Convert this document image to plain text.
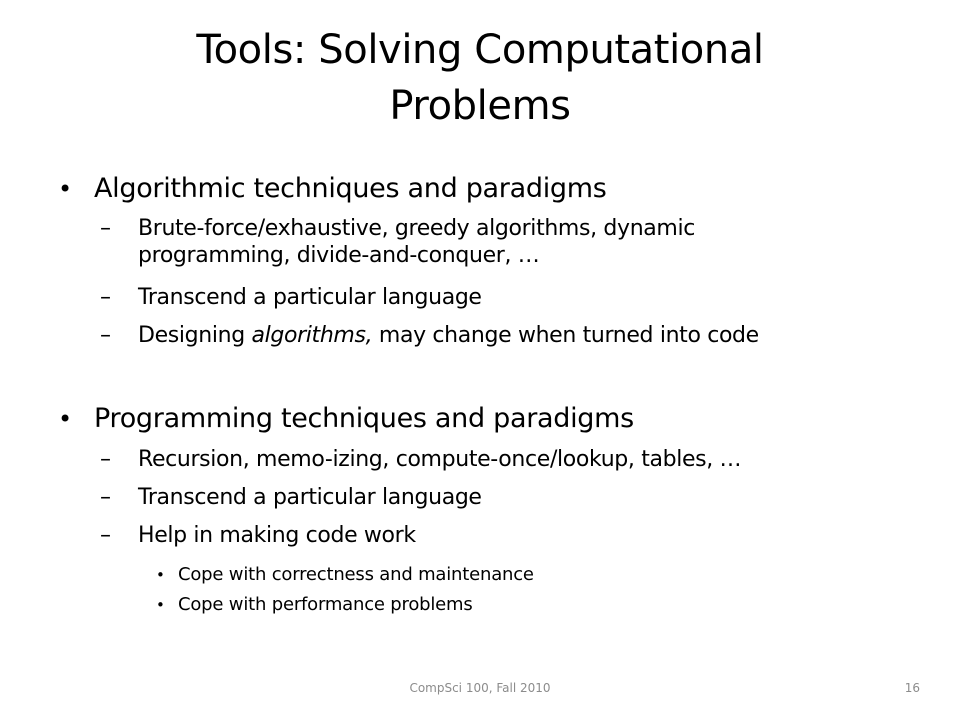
Tools: Solving Computational
Problems
• Algorithmic techniques and paradigms
– Brute-force/exhaustive, greedy algorithms, dynamic
programming, divide-and-conquer, …
– Transcend a particular language
– Designing algorithms, may change when turned into code
• Programming techniques and paradigms
– Recursion, memo-izing, compute-once/lookup, tables, …
– Transcend a particular language
– Help in making code work
• Cope with correctness and maintenance
• Cope with performance problems
CompSci 100, Fall 2010	16
